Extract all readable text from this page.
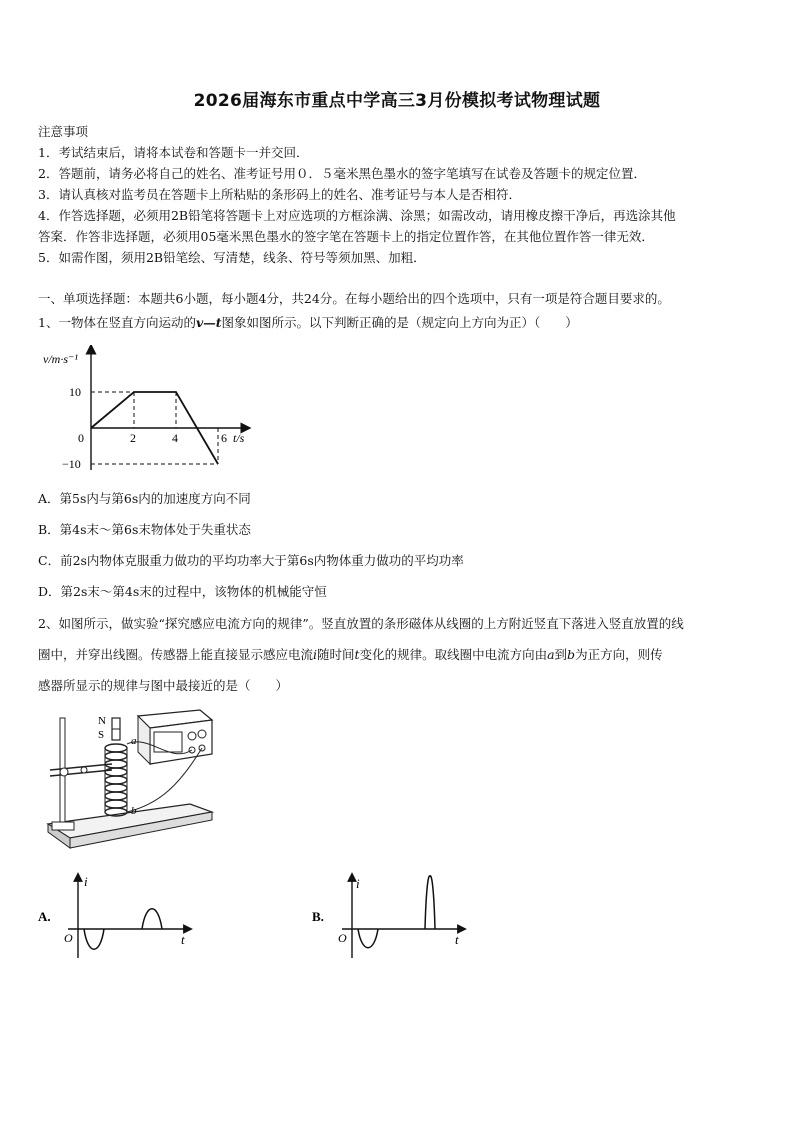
2026届海东市重点中学高三3月份模拟考试物理试题
注意事项
1．考试结束后，请将本试卷和答题卡一并交回．
2．答题前，请务必将自己的姓名、准考证号用０．５毫米黑色墨水的签字笔填写在试卷及答题卡的规定位置．
3．请认真核对监考员在答题卡上所粘贴的条形码上的姓名、准考证号与本人是否相符．
4．作答选择题，必须用2B铅笔将答题卡上对应选项的方框涂满、涂黑；如需改动，请用橡皮擦干净后，再选涂其他
答案．作答非选择题，必须用05毫米黑色墨水的签字笔在答题卡上的指定位置作答，在其他位置作答一律无效．
5．如需作图，须用2B铅笔绘、写清楚，线条、符号等须加黑、加粗．
一、单项选择题：本题共6小题，每小题4分，共24分。在每小题给出的四个选项中，只有一项是符合题目要求的。
1、一物体在竖直方向运动的v—t图象如图所示。以下判断正确的是（规定向上方向为正）（　　）
v/m·s⁻¹
10
−10
0	2	4	6 t/s
A．第5s内与第6s内的加速度方向不同
B．第4s末～第6s末物体处于失重状态
C．前2s内物体克服重力做功的平均功率大于第6s内物体重力做功的平均功率
D．第2s末～第4s末的过程中，该物体的机械能守恒
2、如图所示，做实验“探究感应电流方向的规律”。竖直放置的条形磁体从线圈的上方附近竖直下落进入竖直放置的线
圈中，并穿出线圈。传感器上能直接显示感应电流i随时间t变化的规律。取线圈中电流方向由a到b为正方向，则传
感器所显示的规律与图中最接近的是（　　）
N
S a
b
A.
i
O	t
B.
i
O	t
